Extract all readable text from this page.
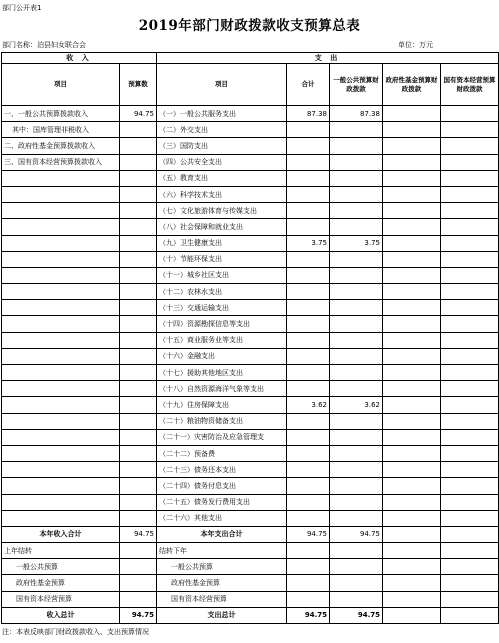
部门公开表1
2019年部门财政拨款收支预算总表
部门名称：泊县妇女联合会	单位：万元
收 入		支 出				
项目	预算数	项目	合计	一般公共预算财政拨款	政府性基金预算财政拨款	国有资本经营预算财政拨款
一、一般公共预算拨款收入	94.75	（一）一般公共服务支出	87.38	87.38		
其中：国库管理非税收入		（二）外交支出				
二、政府性基金预算拨款收入		（三）国防支出				
三、国有资本经营预算拨款收入		（四）公共安全支出				
		（五）教育支出				
		（六）科学技术支出				
		（七）文化旅游体育与传媒支出				
		（八）社会保障和就业支出				
		（九）卫生健康支出	3.75	3.75		
		（十）节能环保支出				
		（十一）城乡社区支出				
		（十二）农林水支出				
		（十三）交通运输支出				
		（十四）资源勘探信息等支出				
		（十五）商业服务业等支出				
		（十六）金融支出				
		（十七）援助其他地区支出				
		（十八）自然资源海洋气象等支出				
		（十九）住房保障支出	3.62	3.62		
		（二十）粮油物资储备支出				
		（二十一）灾害防治及应急管理支				
		（二十二）预备费				
		（二十三）债务还本支出				
		（二十四）债务付息支出				
		（二十五）债务发行费用支出				
		（二十六）其他支出				
本年收入合计	94.75	本年支出合计	94.75	94.75		
上年结转		结转下年				
一般公共预算		一般公共预算				
政府性基金预算		政府性基金预算				
国有资本经营预算		国有资本经营预算				
收入总计	94.75	支出总计	94.75	94.75		
注：本表反映部门财政拨款收入、支出预算情况
